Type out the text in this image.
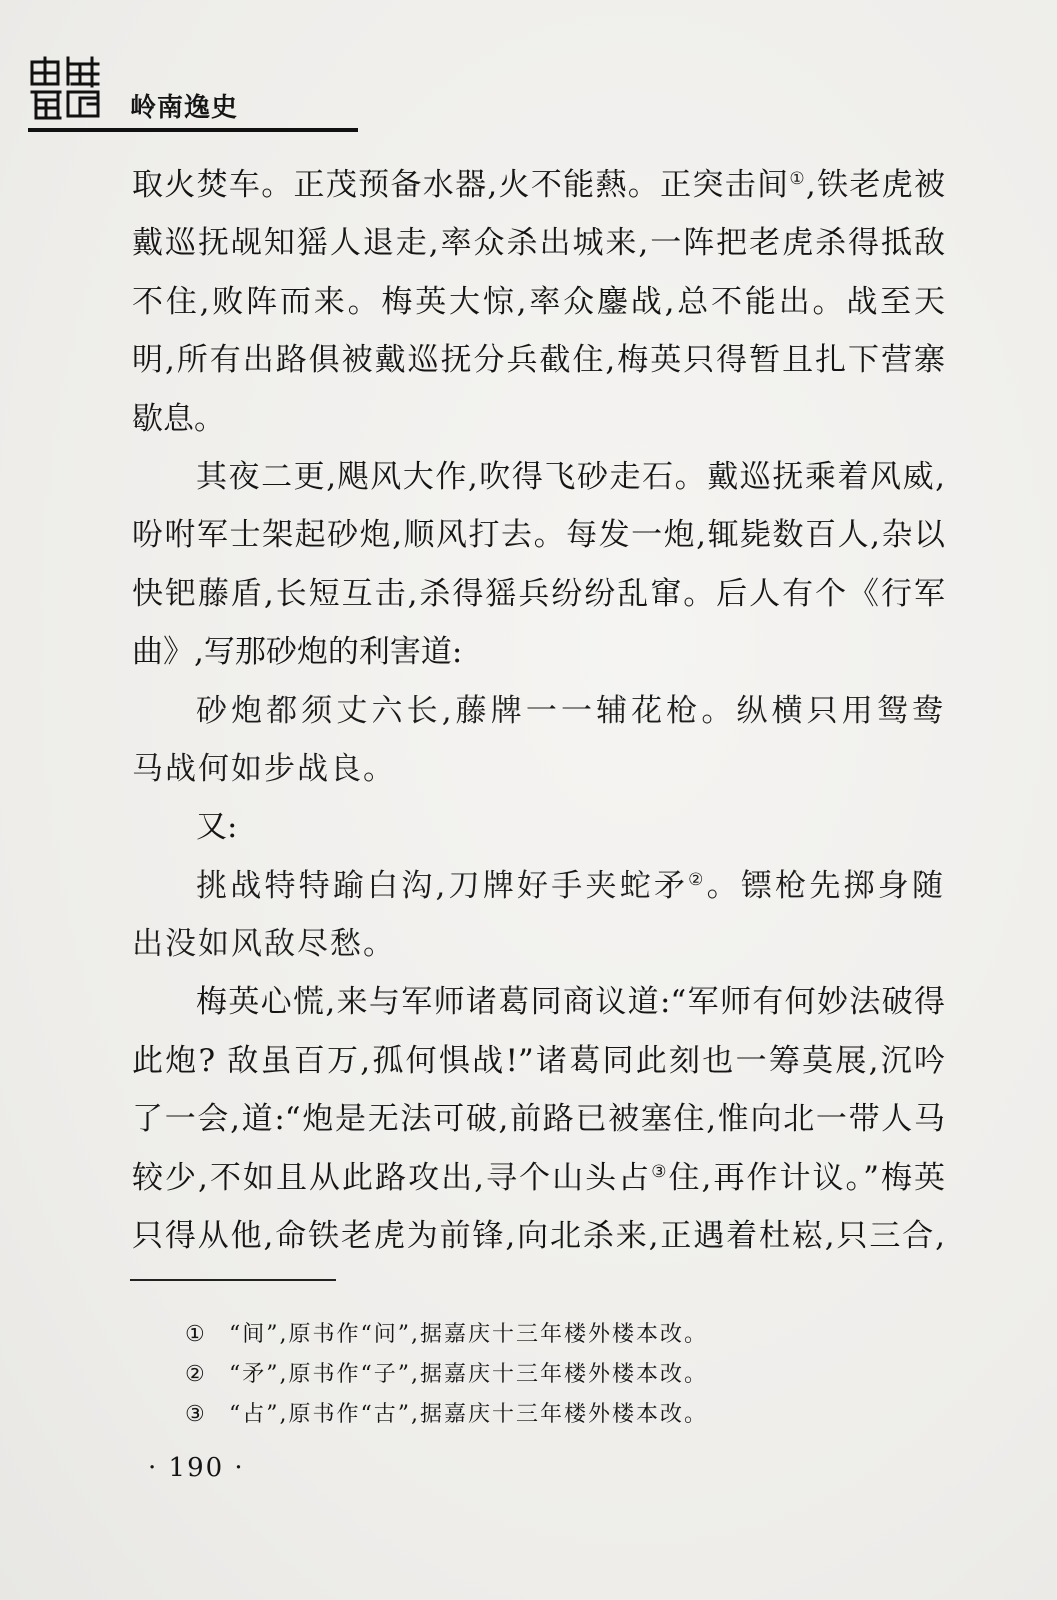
岭南逸史
取火焚车。正茂预备水器,火不能爇。正突击间①,铁老虎被
戴巡抚觇知猺人退走,率众杀出城来,一阵把老虎杀得抵敌
不住,败阵而来。梅英大惊,率众鏖战,总不能出。战至天
明,所有出路俱被戴巡抚分兵截住,梅英只得暂且扎下营寨
歇息。
其夜二更,飓风大作,吹得飞砂走石。戴巡抚乘着风威,
吩咐军士架起砂炮,顺风打去。每发一炮,辄毙数百人,杂以
快钯藤盾,长短互击,杀得猺兵纷纷乱窜。后人有个《行军
曲》,写那砂炮的利害道:
砂炮都须丈六长,藤牌一一辅花枪。纵横只用鸳鸯
马战何如步战良。
又:
挑战特特踰白沟,刀牌好手夹蛇矛②。镖枪先掷身随
出没如风敌尽愁。
梅英心慌,来与军师诸葛同商议道:“军师有何妙法破得
此炮? 敌虽百万,孤何惧战!”诸葛同此刻也一筹莫展,沉吟
了一会,道:“炮是无法可破,前路已被塞住,惟向北一带人马
较少,不如且从此路攻出,寻个山头占③住,再作计议。”梅英
只得从他,命铁老虎为前锋,向北杀来,正遇着杜崧,只三合,
① “间”,原书作“问”,据嘉庆十三年楼外楼本改。
② “矛”,原书作“子”,据嘉庆十三年楼外楼本改。
③ “占”,原书作“古”,据嘉庆十三年楼外楼本改。
· 190 ·
